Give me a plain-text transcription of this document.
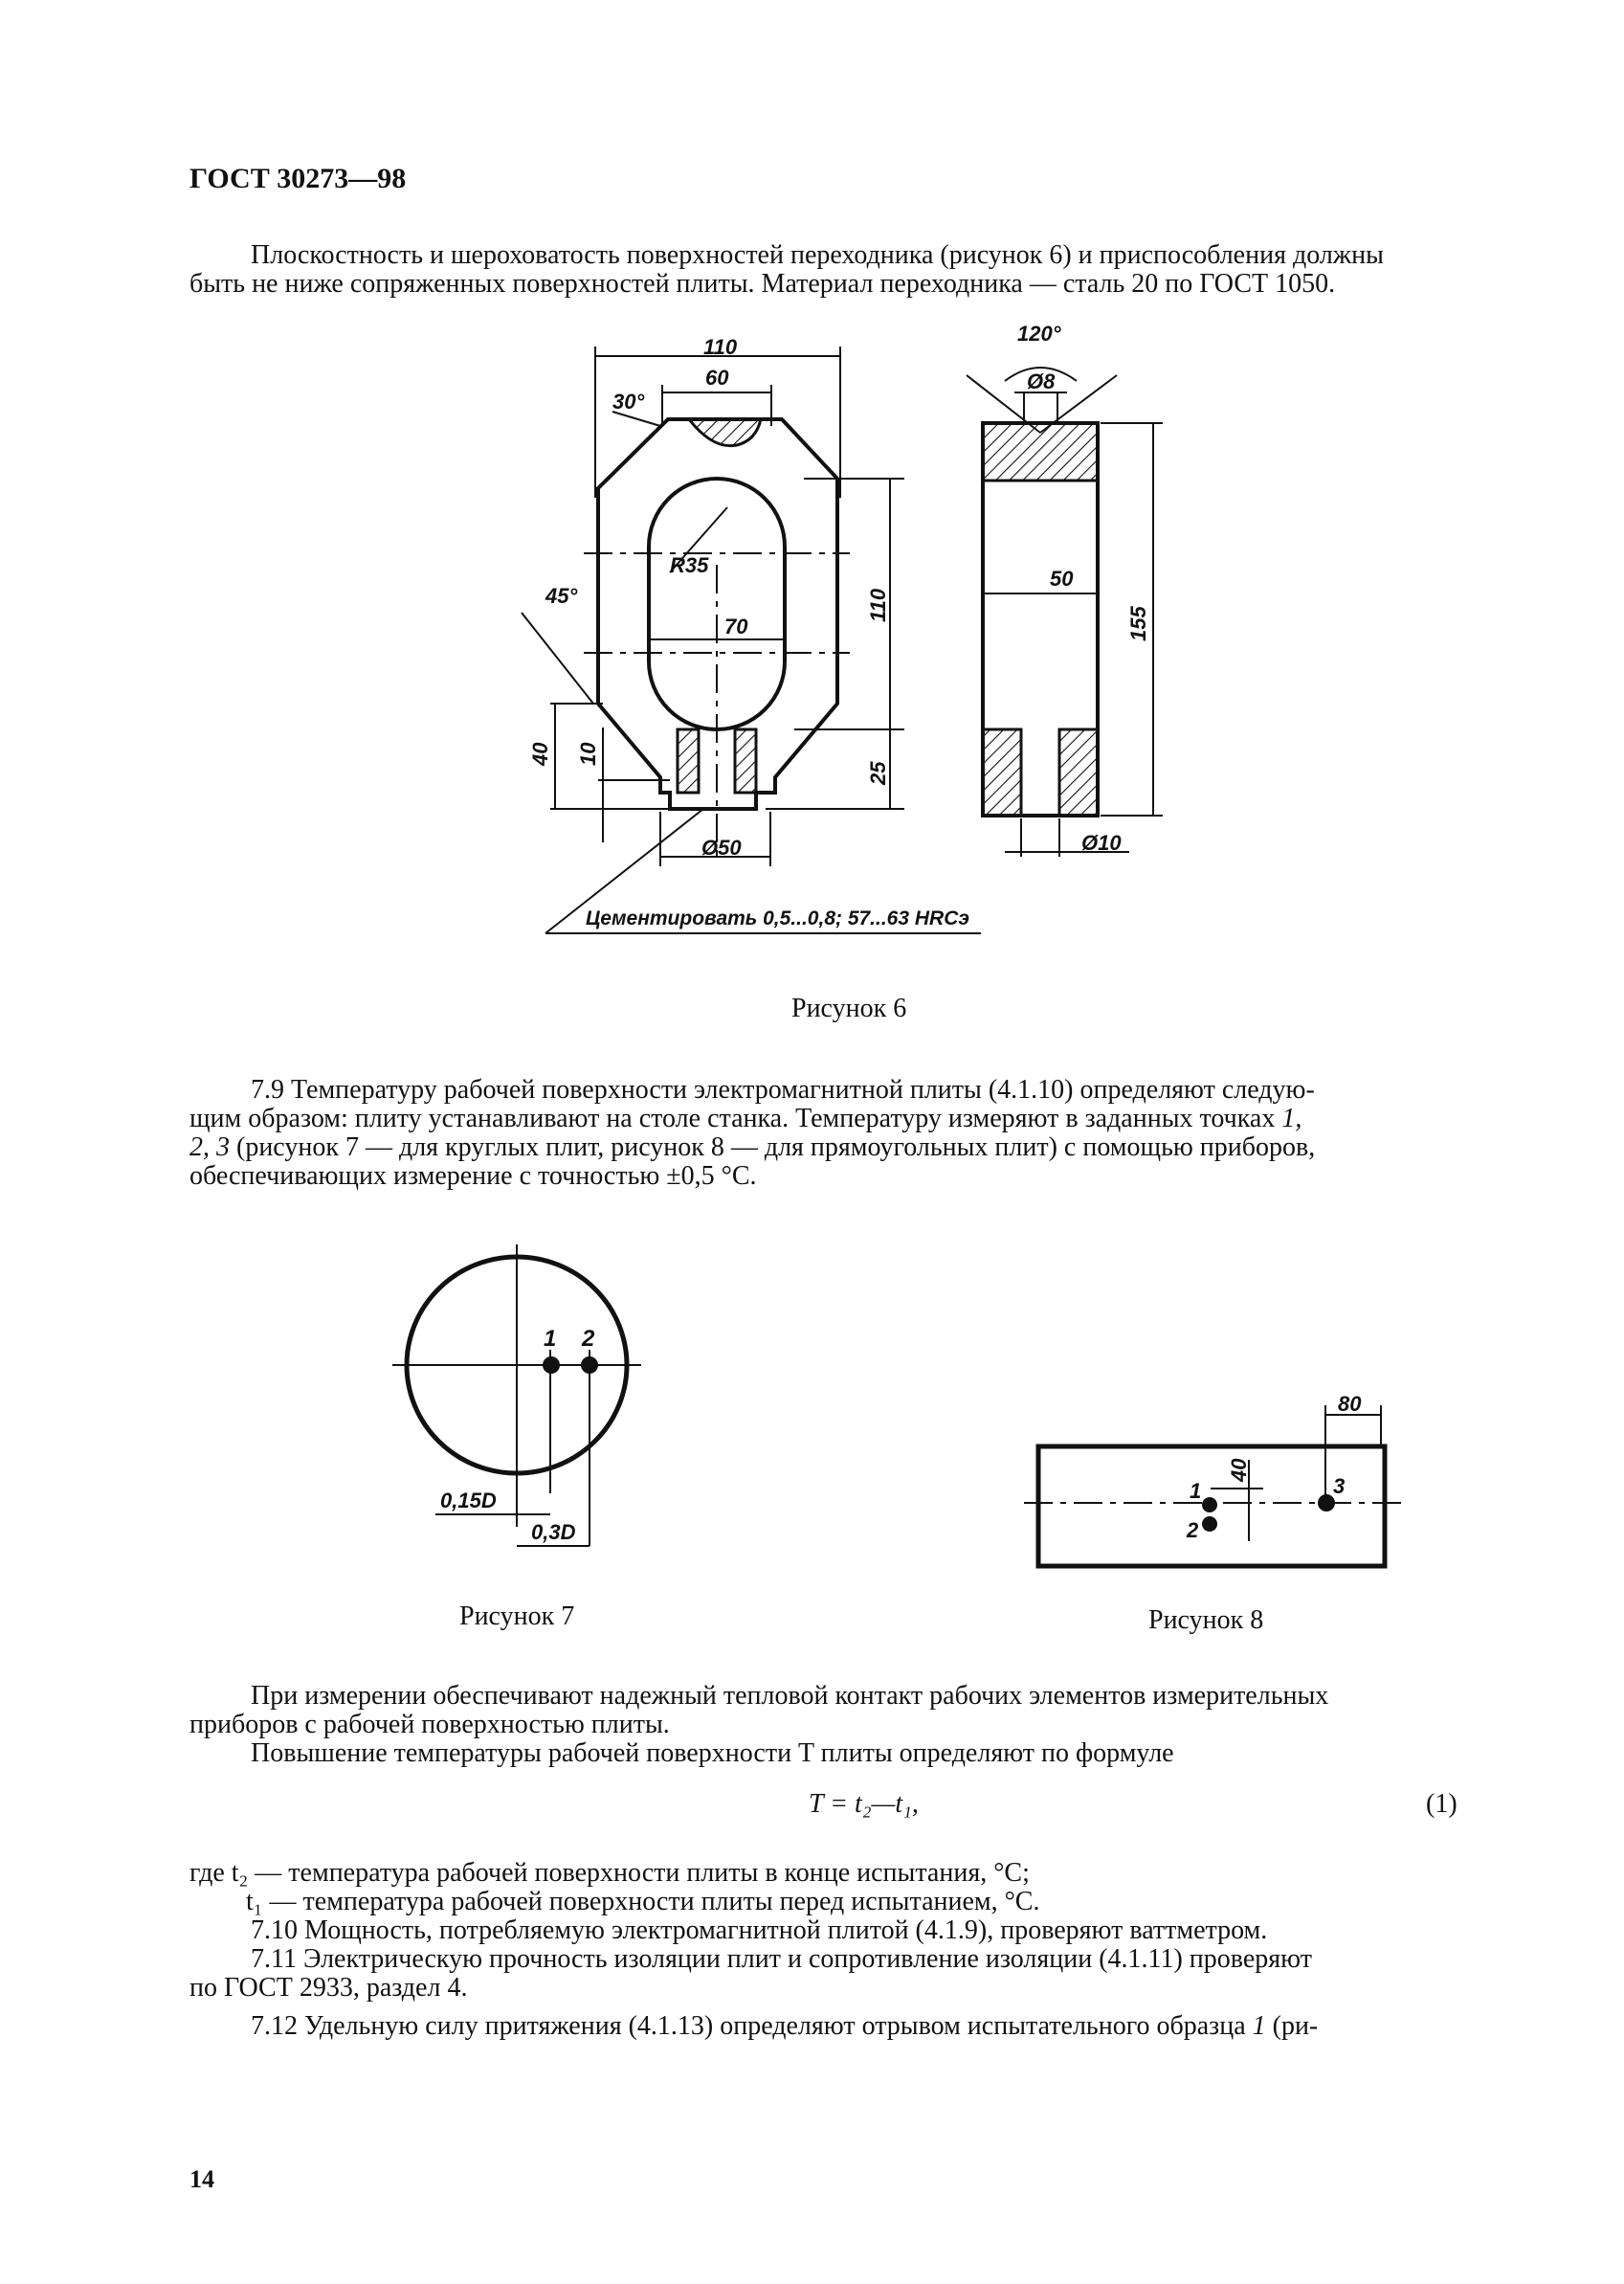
ГОСТ 30273—98
Плоскостность и шероховатость поверхностей переходника (рисунок 6) и приспособления должны
быть не ниже сопряженных поверхностей плиты. Материал переходника — сталь 20 по ГОСТ 1050.
110
60
30°
45°
R35
70
110
25
40 10
Ø50
120°
Ø8
50
155
Ø10
Цементировать 0,5...0,8; 57...63 HRCэ
1 2
0,15D
0,3D
1
2
3
80
40
Рисунок 6
7.9 Температуру рабочей поверхности электромагнитной плиты (4.1.10) определяют следую-
щим образом: плиту устанавливают на столе станка. Температуру измеряют в заданных точках 1,
2, 3 (рисунок 7 — для круглых плит, рисунок 8 — для прямоугольных плит) с помощью приборов,
обеспечивающих измерение с точностью ±0,5 °С.
Рисунок 7	Рисунок 8
При измерении обеспечивают надежный тепловой контакт рабочих элементов измерительных
приборов с рабочей поверхностью плиты.
Повышение температуры рабочей поверхности T плиты определяют по формуле
T = t₂—t₁,	(1)
где t₂ — температура рабочей поверхности плиты в конце испытания, °С;
t₁ — температура рабочей поверхности плиты перед испытанием, °С.
7.10 Мощность, потребляемую электромагнитной плитой (4.1.9), проверяют ваттметром.
7.11 Электрическую прочность изоляции плит и сопротивление изоляции (4.1.11) проверяют
по ГОСТ 2933, раздел 4.
7.12 Удельную силу притяжения (4.1.13) определяют отрывом испытательного образца 1 (ри-
14
